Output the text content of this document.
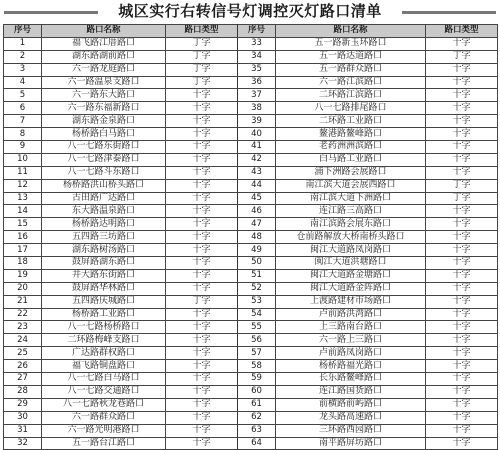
城区实行右转信号灯调控灭灯路口清单
序号	路口名称	路口类型	序号	路口名称	路口类型
1	福飞路江厝路口	丁字	33	五一路新玉环路口	十字
2	湖东路湖前路口	丁字	34	五一路达道路口	丁字
3	六一路龙庭路口	丁字	35	五一路群众路口	十字
4	六一路温泉支路口	丁字	36	六一路江滨路口	十字
5	六一路东大路口	十字	37	二环路江滨路口	十字
6	六一路东福新路口	十字	38	八一七路排尾路口	十字
7	湖东路金泉路口	十字	39	二环路工业路口	十字
8	杨桥路白马路口	十字	40	鳌港路鳌峰路口	十字
9	八一七路东街路口	十字	41	老药洲洲滨路口	十字
10	八一七路津泰路口	十字	42	白马路工业路口	十字
11	八一七路斗东路口	十字	43	浦下洲路会展路口	十字
12	杨桥路洪山桥头路口	十字	44	南江滨大道会展西路口	丁字
13	古田路广达路口	十字	45	南江滨大道下洲路口	丁字
14	东大路温泉路口	十字	46	连江路三高路口	十字
15	杨桥路达明路口	十字	47	南江滨路会展东路口	十字
16	五四路三坊路口	十字	48	仓前路解放大桥南桥头路口	十字
17	湖东路树汤路口	十字	49	闽江大道路凤岗路口	十字
18	鼓屏路湖东路口	十字	50	闽江大道洪塘路口	十字
19	井大路东街路口	十字	51	闽江大道路金塘路口	十字
20	鼓屏路华林路口	十字	52	闽江大道路金阵路口	十字
21	五四路庆城路口	丁字	53	上渡路建材市场路口	十字
22	杨桥路工业路口	十字	54	卢前路洪湾路口	十字
23	八一七路杨桥路口	十字	55	上三路南台路口	十字
24	二环路梅峰支路口	十字	56	六一路上三路口	十字
25	广达路群权路口	十字	57	卢前路凤岗路口	十字
26	福飞路铜盘路口	十字	58	杨桥路福光路口	十字
27	八一七路白马路口	十字	59	长乐路鳌峰路口	十字
28	八一七路交通路口	十字	60	连江路国货路口	十字
29	八一七路秋龙巷路口	十字	61	前横路前屿路口	十字
30	六一路群众路口	十字	62	龙头路高速路口	十字
31	六一路光明港路口	十字	63	三环路西园路口	十字
32	五一路台江路口	十字	64	南平路屏坊路口	十字
